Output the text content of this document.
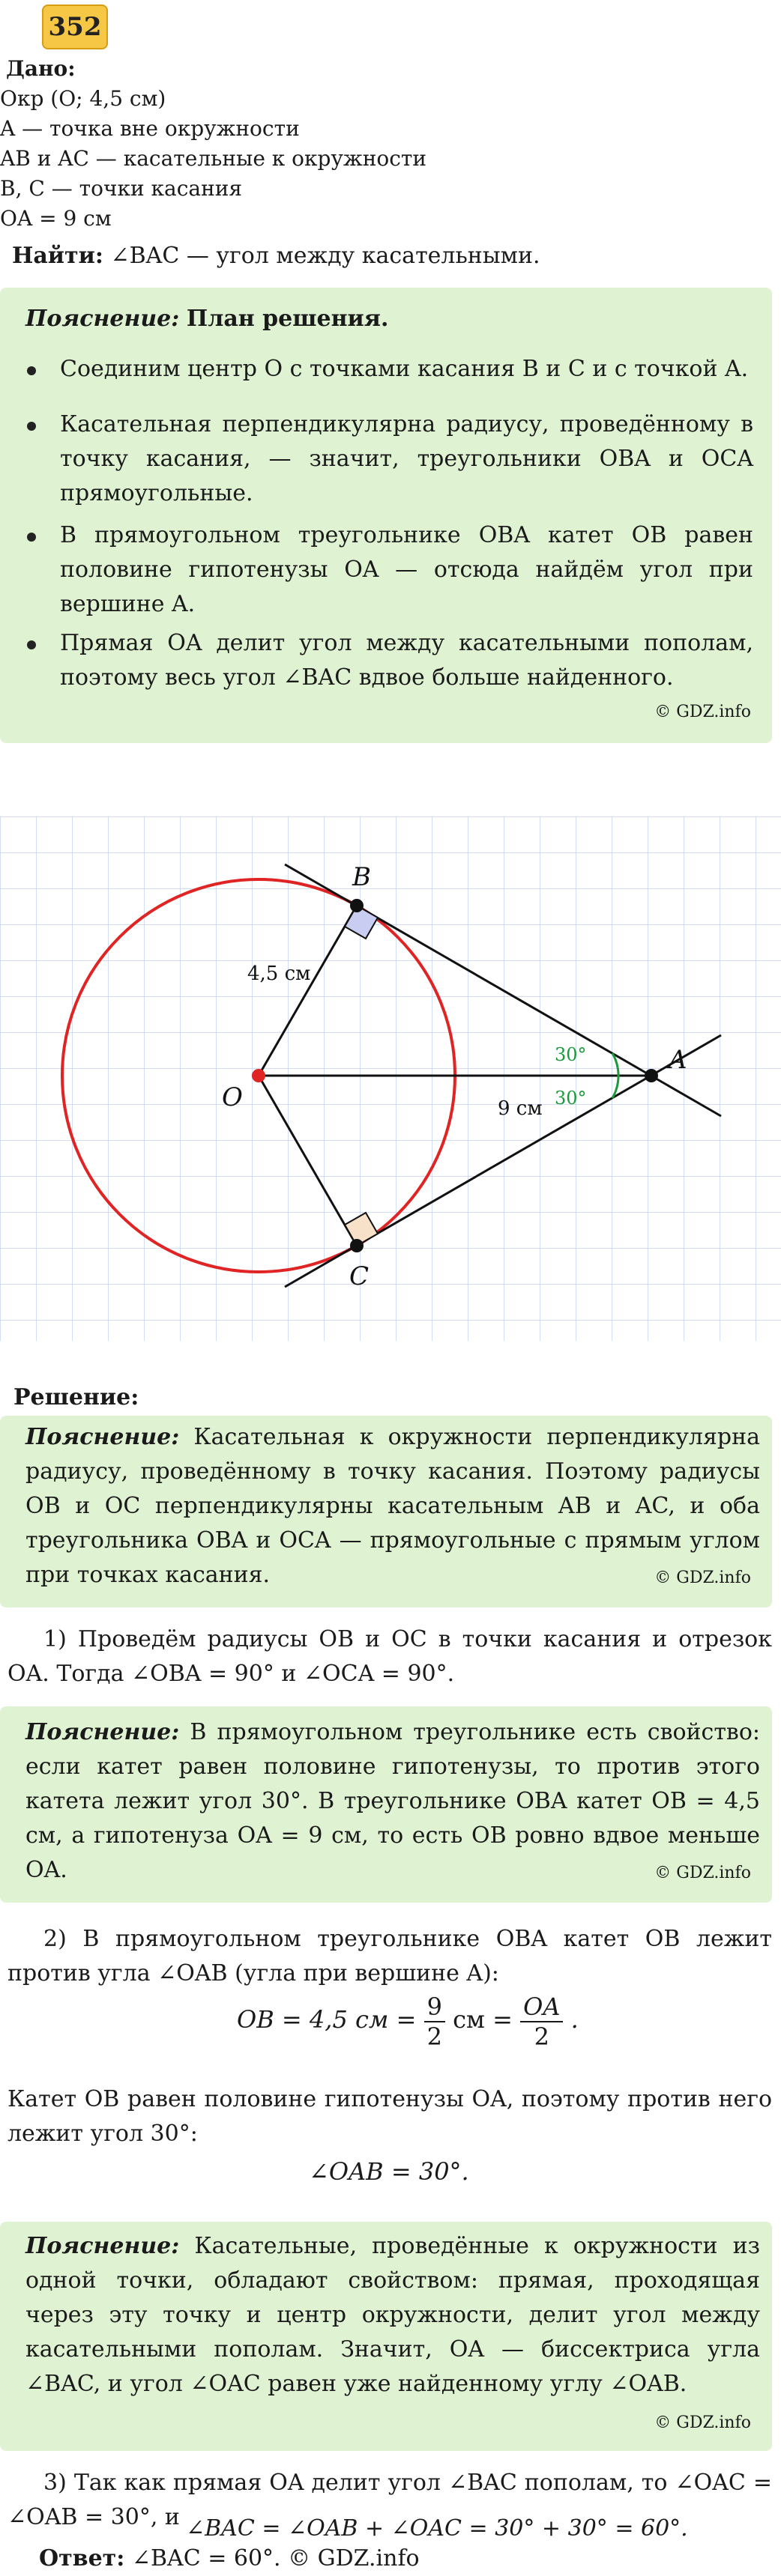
352
Дано:
Окр (O; 4,5 см)
A — точка вне окружности
AB и AC — касательные к окружности
B, C — точки касания
OA = 9 см
Найти: ∠BAC — угол между касательными.
Пояснение: План решения.
Соединим центр O с точками касания B и C и с точкой A.
Касательная перпендикулярна радиусу, проведённому в точку касания, — значит, треугольники OBA и OCA прямоугольные.
В прямоугольном треугольнике OBA катет OB равен половине гипотенузы OA — отсюда найдём угол при вершине A.
Прямая OA делит угол между касательными пополам, поэтому весь угол ∠BAC вдвое больше найденного.
© GDZ.info
B
C
O
A
4,5 см
9 см
30°
30°
Решение:
Пояснение: Касательная к окружности перпендикулярна радиусу, проведённому в точку касания. Поэтому радиусы OB и OC перпендикулярны касательным AB и AC, и оба треугольника OBA и OCA — прямоугольные с прямым углом при точках касания.	© GDZ.info
1) Проведём радиусы OB и OC в точки касания и отрезок OA. Тогда ∠OBA = 90° и ∠OCA = 90°.
Пояснение: В прямоугольном треугольнике есть свойство: если катет равен половине гипотенузы, то против этого катета лежит угол 30°. В треугольнике OBA катет OB = 4,5 см, а гипотенуза OA = 9 см, то есть OB ровно вдвое меньше OA.	© GDZ.info
2) В прямоугольном треугольнике OBA катет OB лежит против угла ∠OAB (угла при вершине A):
OB = 4,5 см = $\frac{9}{2}$ см = $\frac{OA}{2}$ .
Катет OB равен половине гипотенузы OA, поэтому против него лежит угол 30°:
∠OAB = 30°.
Пояснение: Касательные, проведённые к окружности из одной точки, обладают свойством: прямая, проходящая через эту точку и центр окружности, делит угол между касательными пополам. Значит, OA — биссектриса угла ∠BAC, и угол ∠OAC равен уже найденному углу ∠OAB.
© GDZ.info
3) Так как прямая OA делит угол ∠BAC пополам, то ∠OAC = ∠OAB = 30°, и ∠BAC = ∠OAB + ∠OAC = 30° + 30° = 60°.
Ответ: ∠BAC = 60°. © GDZ.info
